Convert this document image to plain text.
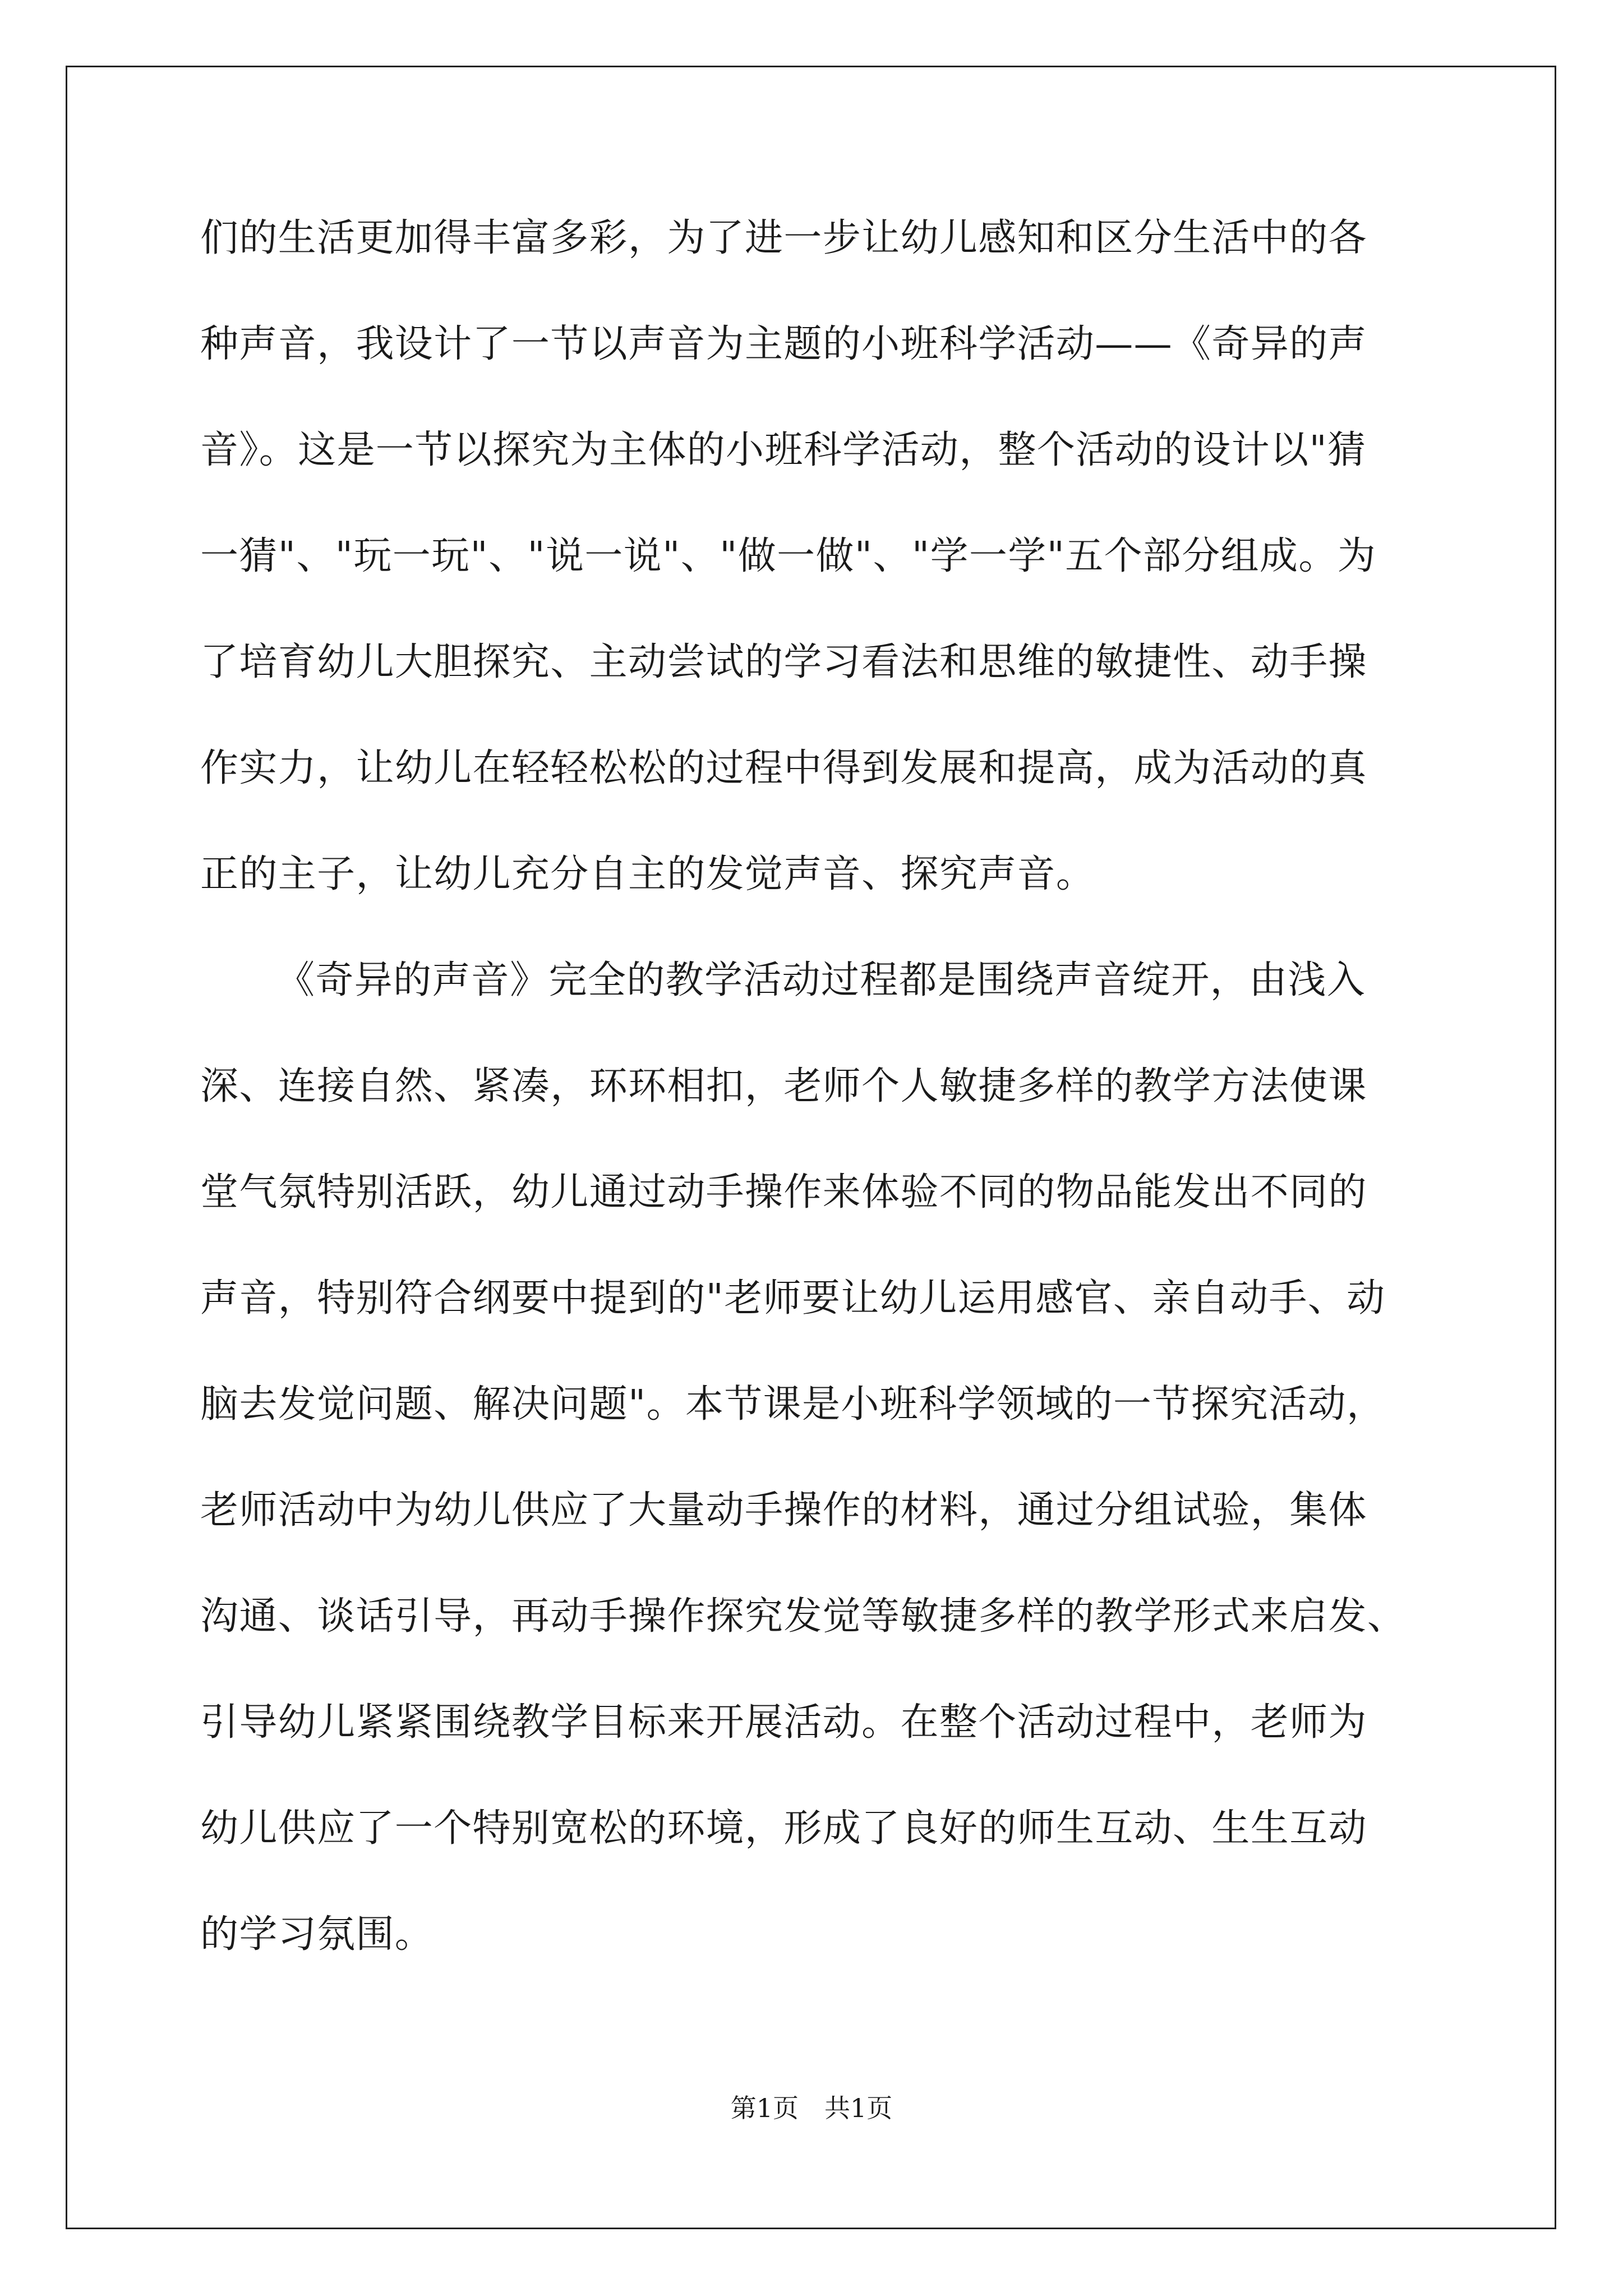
们的生活更加得丰富多彩，为了进一步让幼儿感知和区分生活中的各
种声音，我设计了一节以声音为主题的小班科学活动——《奇异的声
音》。这是一节以探究为主体的小班科学活动，整个活动的设计以"猜
一猜"、"玩一玩"、"说一说"、"做一做"、"学一学"五个部分组成。为
了培育幼儿大胆探究、主动尝试的学习看法和思维的敏捷性、动手操
作实力，让幼儿在轻轻松松的过程中得到发展和提高，成为活动的真
正的主子，让幼儿充分自主的发觉声音、探究声音。
《奇异的声音》完全的教学活动过程都是围绕声音绽开，由浅入
深、连接自然、紧凑，环环相扣，老师个人敏捷多样的教学方法使课
堂气氛特别活跃，幼儿通过动手操作来体验不同的物品能发出不同的
声音，特别符合纲要中提到的"老师要让幼儿运用感官、亲自动手、动
脑去发觉问题、解决问题"。本节课是小班科学领域的一节探究活动，
老师活动中为幼儿供应了大量动手操作的材料，通过分组试验，集体
沟通、谈话引导，再动手操作探究发觉等敏捷多样的教学形式来启发、
引导幼儿紧紧围绕教学目标来开展活动。在整个活动过程中，老师为
幼儿供应了一个特别宽松的环境，形成了良好的师生互动、生生互动
的学习氛围。
第1页 共1页
